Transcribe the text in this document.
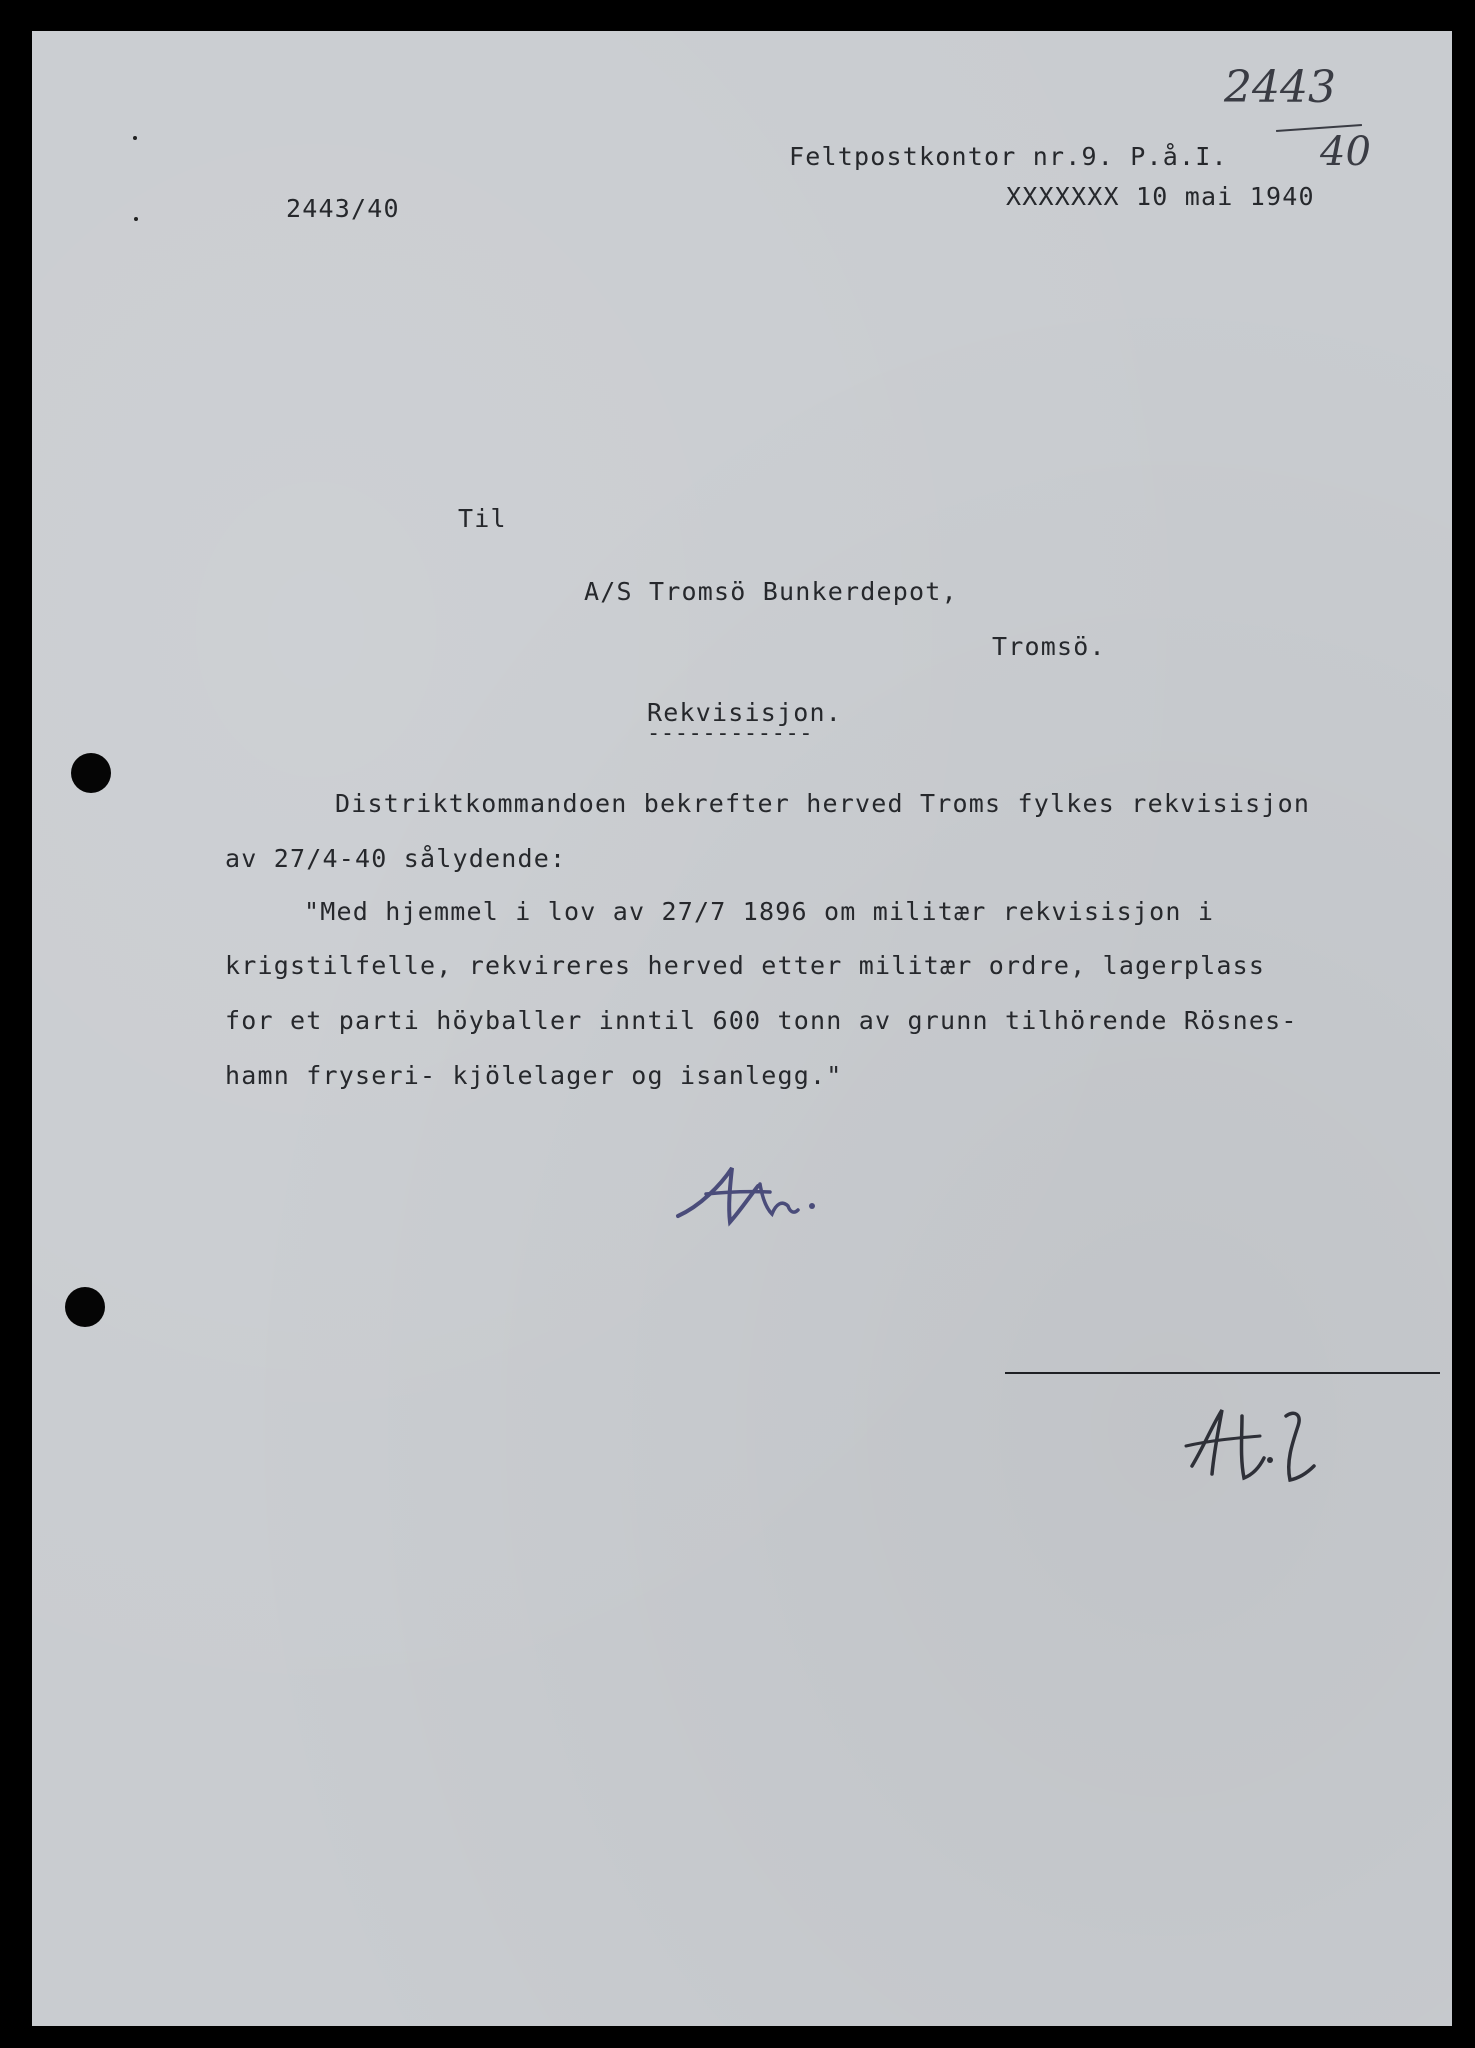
2443
40
Feltpostkontor nr.9. P.å.I.
XXXXXXX 10 mai 1940
2443/40
Til
A/S Tromsö Bunkerdepot,
Tromsö.
Rekvisisjon.
------------
Distriktkommandoen bekrefter herved Troms fylkes rekvisisjon
av 27/4-40 sålydende:
"Med hjemmel i lov av 27/7 1896 om militær rekvisisjon i
krigstilfelle, rekvireres herved etter militær ordre, lagerplass
for et parti höyballer inntil 600 tonn av grunn tilhörende Rösnes-
hamn fryseri- kjölelager og isanlegg."
